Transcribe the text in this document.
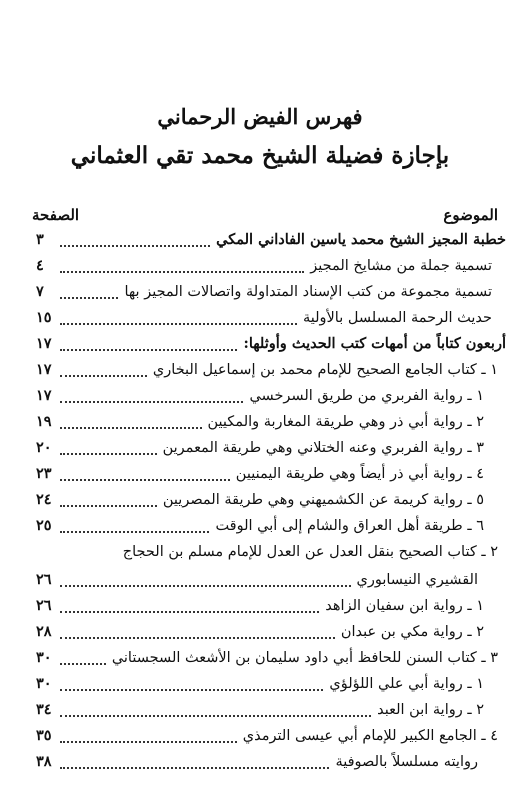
فهرس الفيض الرحماني
بإجازة فضيلة الشيخ محمد تقي العثماني
الموضوع
الصفحة
خطبة المجيز الشيخ محمد ياسين الفاداني المكي
٣
تسمية جملة من مشايخ المجيز
٤
تسمية مجموعة من كتب الإسناد المتداولة واتصالات المجيز بها
٧
حديث الرحمة المسلسل بالأولية
١٥
أربعون كتاباً من أمهات كتب الحديث وأوثلها:
١٧
١ ـ كتاب الجامع الصحيح للإمام محمد بن إسماعيل البخاري
١٧
١ ـ رواية الفربري من طريق السرخسي
١٧
٢ ـ رواية أبي ذر وهي طريقة المغاربة والمكيين
١٩
٣ ـ رواية الفربري وعنه الختلاني وهي طريقة المعمرين
٢٠
٤ ـ رواية أبي ذر أيضاً وهي طريقة اليمنيين
٢٣
٥ ـ رواية كريمة عن الكشميهني وهي طريقة المصريين
٢٤
٦ ـ طريقة أهل العراق والشام إلى أبي الوقت
٢٥
٢ ـ كتاب الصحيح بنقل العدل عن العدل للإمام مسلم بن الحجاج
القشيري النيسابوري
٢٦
١ ـ رواية ابن سفيان الزاهد
٢٦
٢ ـ رواية مكي بن عبدان
٢٨
٣ ـ كتاب السنن للحافظ أبي داود سليمان بن الأشعث السجستاني
٣٠
١ ـ رواية أبي علي اللؤلؤي
٣٠
٢ ـ رواية ابن العبد
٣٤
٤ ـ الجامع الكبير للإمام أبي عيسى الترمذي
٣٥
روايته مسلسلاً بالصوفية
٣٨
